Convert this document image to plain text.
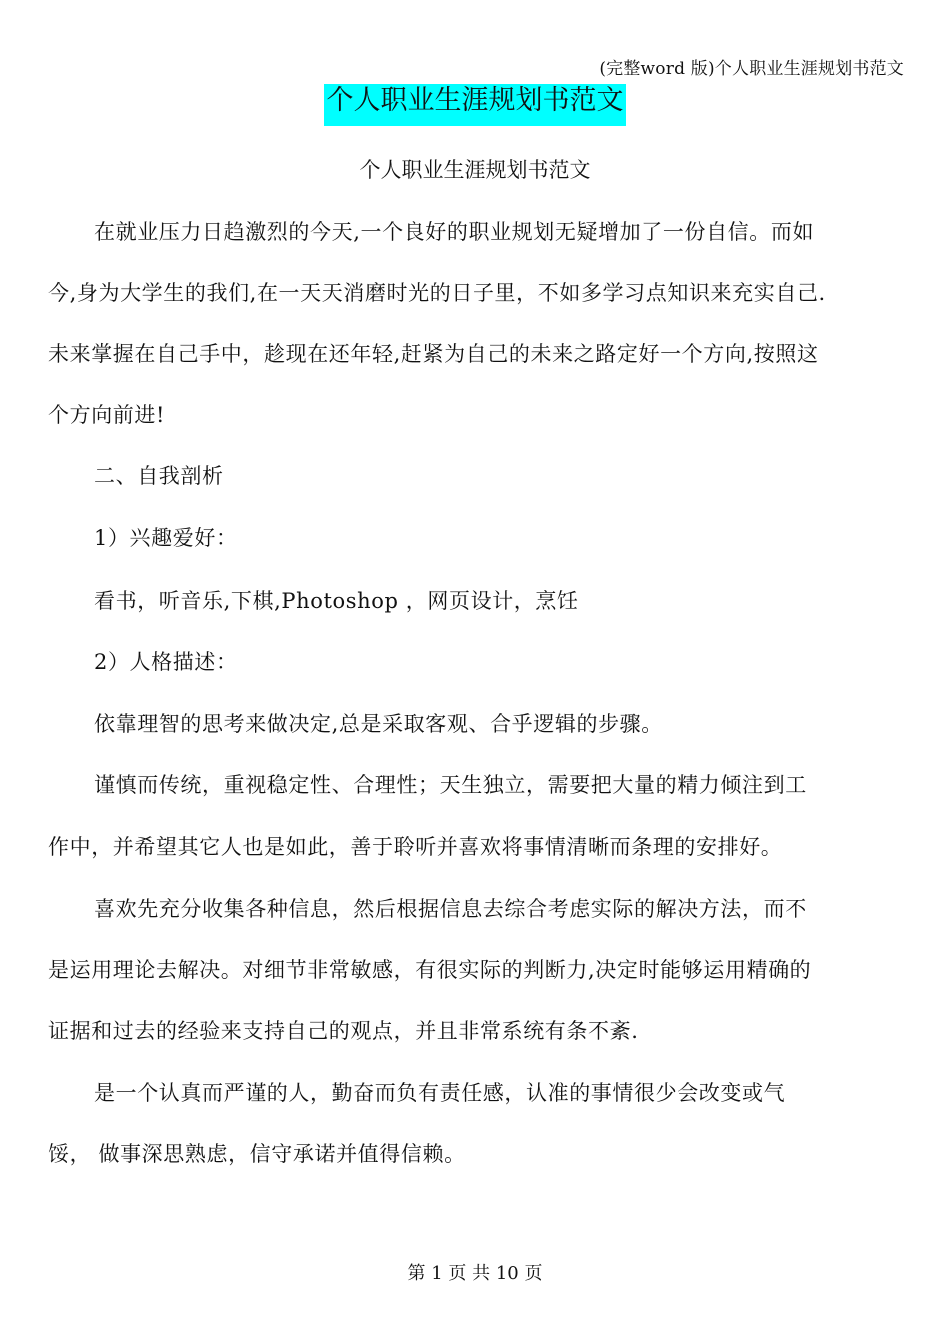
(完整word 版)个人职业生涯规划书范文
个人职业生涯规划书范文
个人职业生涯规划书范文
在就业压力日趋激烈的今天,一个良好的职业规划无疑增加了一份自信。而如
今,身为大学生的我们,在一天天消磨时光的日子里，不如多学习点知识来充实自己.
未来掌握在自己手中，趁现在还年轻,赶紧为自己的未来之路定好一个方向,按照这
个方向前进!
二、自我剖析
1）兴趣爱好：
看书，听音乐,下棋,Photoshop ，网页设计，烹饪
2）人格描述：
依靠理智的思考来做决定,总是采取客观、合乎逻辑的步骤。
谨慎而传统，重视稳定性、合理性；天生独立，需要把大量的精力倾注到工
作中，并希望其它人也是如此，善于聆听并喜欢将事情清晰而条理的安排好。
喜欢先充分收集各种信息，然后根据信息去综合考虑实际的解决方法，而不
是运用理论去解决。对细节非常敏感，有很实际的判断力,决定时能够运用精确的
证据和过去的经验来支持自己的观点，并且非常系统有条不紊.
是一个认真而严谨的人，勤奋而负有责任感，认准的事情很少会改变或气
馁， 做事深思熟虑，信守承诺并值得信赖。
第 1 页 共 10 页
